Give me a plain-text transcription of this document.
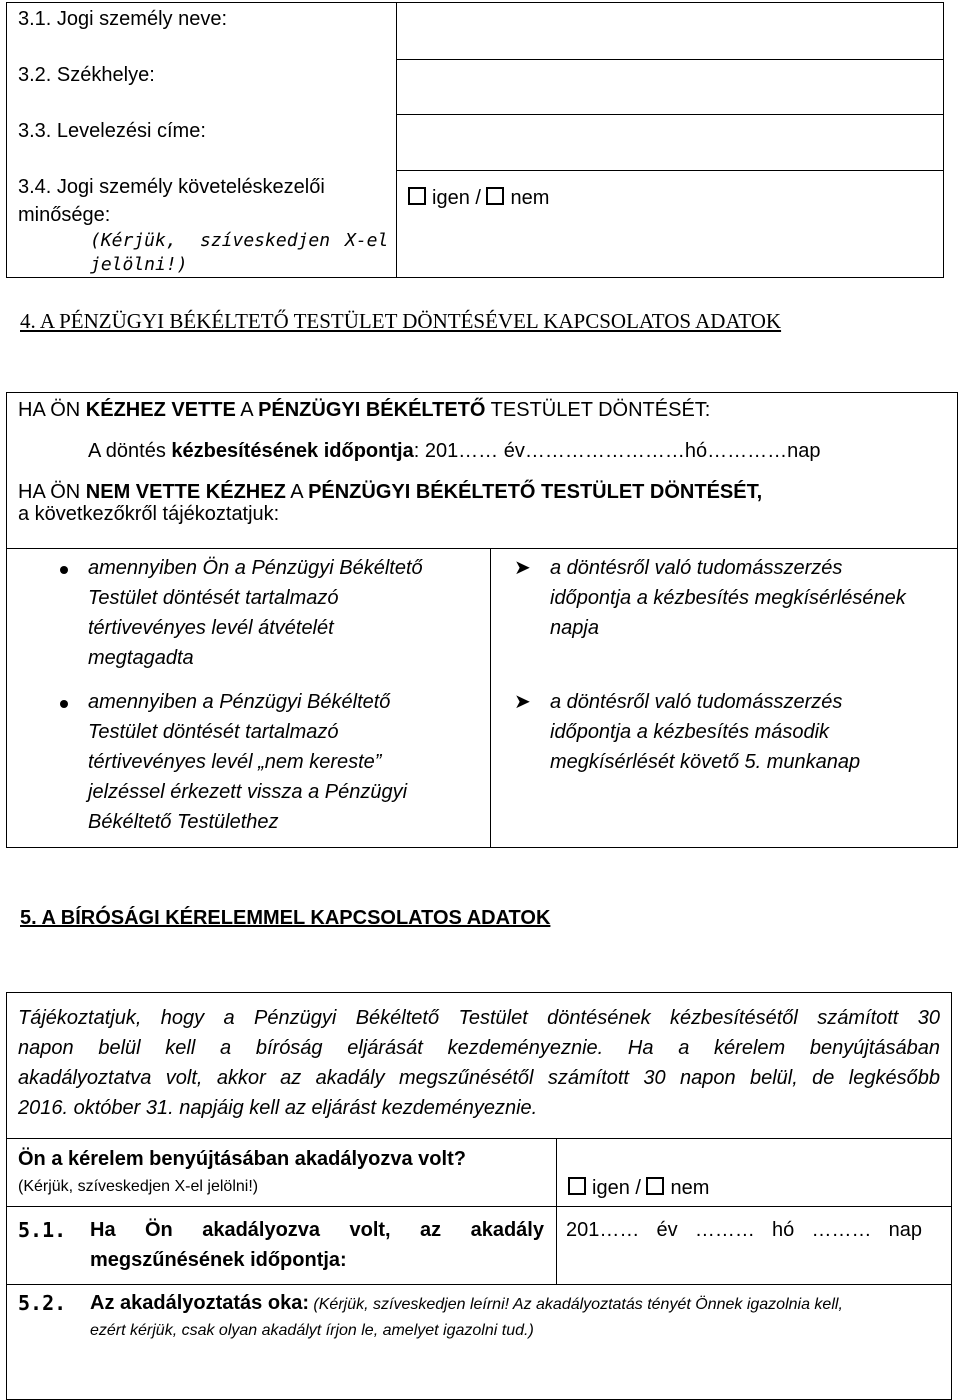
3.1. Jogi személy neve:
3.2. Székhelye:
3.3. Levelezési címe:
3.4. Jogi személy követeléskezelői
minősége:
(Kérjük, szíveskedjen X-el
jelölni!)
igen / nem
4. A PÉNZÜGYI BÉKÉLTETŐ TESTÜLET DÖNTÉSÉVEL KAPCSOLATOS ADATOK
HA ÖN KÉZHEZ VETTE A PÉNZÜGYI BÉKÉLTETŐ TESTÜLET DÖNTÉSÉT:
A döntés kézbesítésének időpontja: 201…… év……………………hó…………nap
HA ÖN NEM VETTE KÉZHEZ A PÉNZÜGYI BÉKÉLTETŐ TESTÜLET DÖNTÉSÉT,
a következőkről tájékoztatjuk:
amennyiben Ön a Pénzügyi Békéltető
Testület döntését tartalmazó
tértivevényes levél átvételét
megtagadta
amennyiben a Pénzügyi Békéltető
Testület döntését tartalmazó
tértivevényes levél „nem kereste”
jelzéssel érkezett vissza a Pénzügyi
Békéltető Testülethez
➤ a döntésről való tudomásszerzés
időpontja a kézbesítés megkísérlésének
napja
➤ a döntésről való tudomásszerzés
időpontja a kézbesítés második
megkísérlését követő 5. munkanap
5. A BÍRÓSÁGI KÉRELEMMEL KAPCSOLATOS ADATOK
Tájékoztatjuk, hogy a Pénzügyi Békéltető Testület döntésének kézbesítésétől számított 30
napon belül kell a bíróság eljárását kezdeményeznie. Ha a kérelem benyújtásában
akadályoztatva volt, akkor az akadály megszűnésétől számított 30 napon belül, de legkésőbb
2016. október 31. napjáig kell az eljárást kezdeményeznie.
Ön a kérelem benyújtásában akadályozva volt?
(Kérjük, szíveskedjen X-el jelölni!)	igen / nem
5.1. Ha Ön akadályozva volt, az akadály
megszűnésének időpontja:
201…… év ……… hó ……… nap
5.2. Az akadályoztatás oka: (Kérjük, szíveskedjen leírni! Az akadályoztatás tényét Önnek igazolnia kell,
ezért kérjük, csak olyan akadályt írjon le, amelyet igazolni tud.)
